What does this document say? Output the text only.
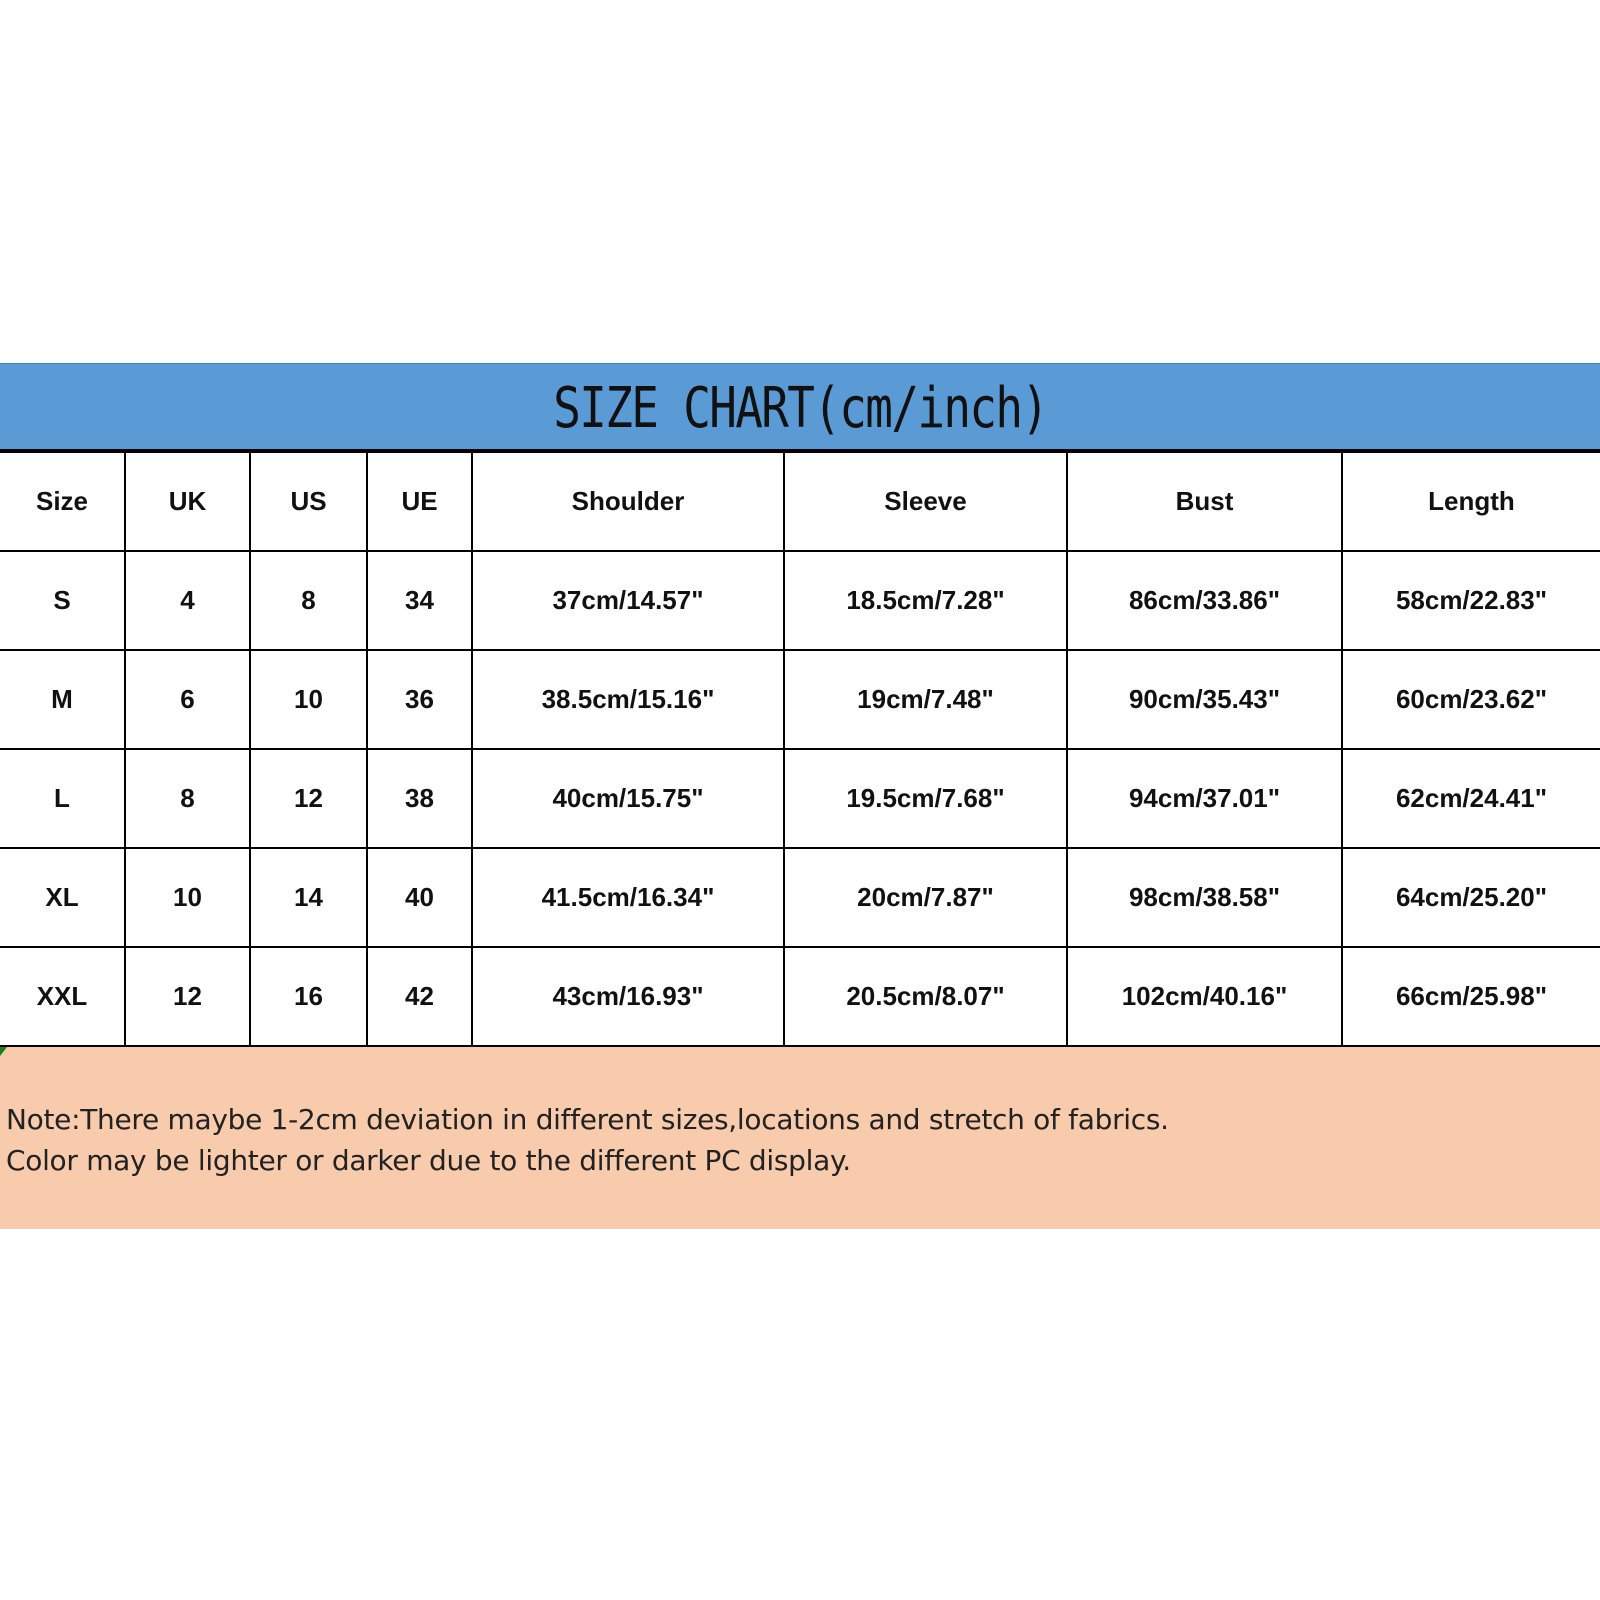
SIZE CHART(cm/inch)
Size	UK	US	UE	Shoulder	Sleeve	Bust	Length
S	4	8	34	37cm/14.57"	18.5cm/7.28"	86cm/33.86"	58cm/22.83"
M	6	10	36	38.5cm/15.16"	19cm/7.48"	90cm/35.43"	60cm/23.62"
L	8	12	38	40cm/15.75"	19.5cm/7.68"	94cm/37.01"	62cm/24.41"
XL	10	14	40	41.5cm/16.34"	20cm/7.87"	98cm/38.58"	64cm/25.20"
XXL	12	16	42	43cm/16.93"	20.5cm/8.07"	102cm/40.16"	66cm/25.98"
Note:There maybe 1-2cm deviation in different sizes,locations and stretch of fabrics.
Color may be lighter or darker due to the different PC display.
